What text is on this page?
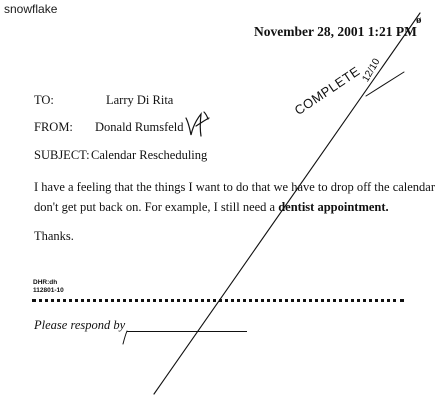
snowflake
November 28, 2001 1:21 PM
ø
TO:	Larry Di Rita
FROM: Donald Rumsfeld
SUBJECT: Calendar Rescheduling
I have a feeling that the things I want to do that we have to drop off the calendar
don't get put back on. For example, I still need a dentist appointment.
Thanks.
DHR:dh
112801-10
Please respond by
COMPLETE
12/10
